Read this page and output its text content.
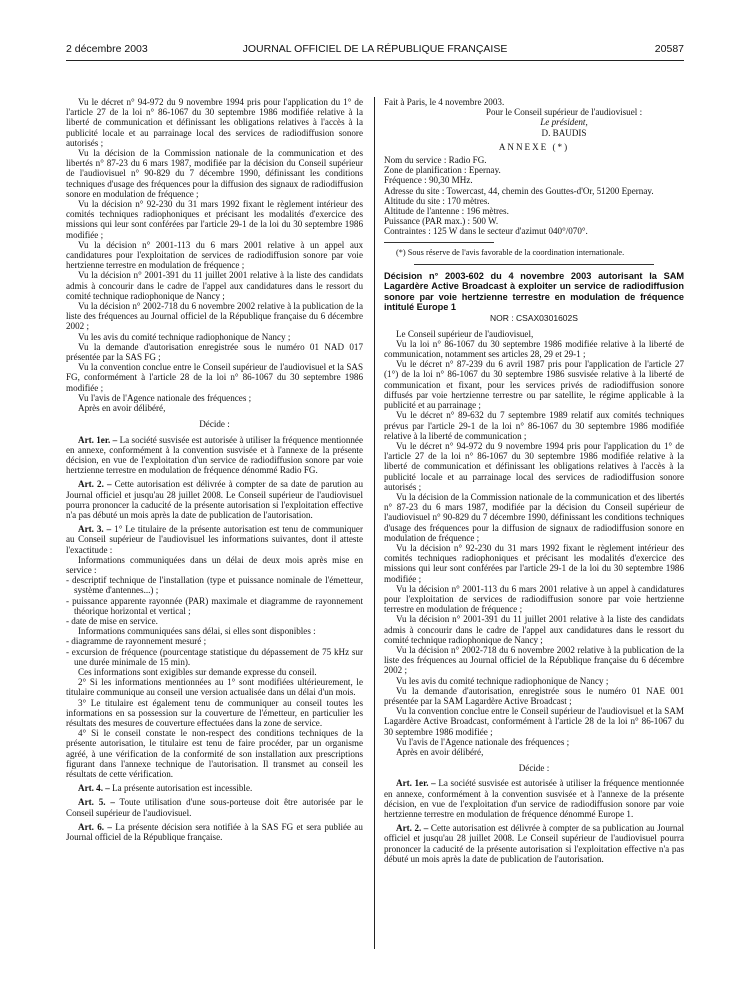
2 décembre 2003	JOURNAL OFFICIEL DE LA RÉPUBLIQUE FRANÇAISE	20587

Vu le décret n° 94-972 du 9 novembre 1994 pris pour l'application du 1° de l'article 27 de la loi n° 86-1067 du 30 septembre 1986 modifiée relative à la liberté de communication et définissant les obligations relatives à l'accès à la publicité locale et au parrainage local des services de radiodiffusion sonore autorisés ;

Vu la décision de la Commission nationale de la communication et des libertés n° 87-23 du 6 mars 1987, modifiée par la décision du Conseil supérieur de l'audiovisuel n° 90-829 du 7 décembre 1990, définissant les conditions techniques d'usage des fréquences pour la diffusion des signaux de radiodiffusion sonore en modulation de fréquence ;

Vu la décision n° 92-230 du 31 mars 1992 fixant le règlement intérieur des comités techniques radiophoniques et précisant les modalités d'exercice des missions qui leur sont conférées par l'article 29-1 de la loi du 30 septembre 1986 modifiée ;

Vu la décision n° 2001-113 du 6 mars 2001 relative à un appel aux candidatures pour l'exploitation de services de radiodiffusion sonore par voie hertzienne terrestre en modulation de fréquence ;

Vu la décision n° 2001-391 du 11 juillet 2001 relative à la liste des candidats admis à concourir dans le cadre de l'appel aux candidatures dans le ressort du comité technique radiophonique de Nancy ;

Vu la décision n° 2002-718 du 6 novembre 2002 relative à la publication de la liste des fréquences au Journal officiel de la République française du 6 décembre 2002 ;

Vu les avis du comité technique radiophonique de Nancy ;

Vu la demande d'autorisation enregistrée sous le numéro 01 NAD 017 présentée par la SAS FG ;

Vu la convention conclue entre le Conseil supérieur de l'audiovisuel et la SAS FG, conformément à l'article 28 de la loi n° 86-1067 du 30 septembre 1986 modifiée ;

Vu l'avis de l'Agence nationale des fréquences ;

Après en avoir délibéré,

Décide :

Art. 1er. – La société susvisée est autorisée à utiliser la fréquence mentionnée en annexe, conformément à la convention susvisée et à l'annexe de la présente décision, en vue de l'exploitation d'un service de radiodiffusion sonore par voie hertzienne terrestre en modulation de fréquence dénommé Radio FG.

Art. 2. – Cette autorisation est délivrée à compter de sa date de parution au Journal officiel et jusqu'au 28 juillet 2008. Le Conseil supérieur de l'audiovisuel pourra prononcer la caducité de la présente autorisation si l'exploitation effective n'a pas débuté un mois après la date de publication de l'autorisation.

Art. 3. – 1° Le titulaire de la présente autorisation est tenu de communiquer au Conseil supérieur de l'audiovisuel les informations suivantes, dont il atteste l'exactitude :

Informations communiquées dans un délai de deux mois après mise en service :

- descriptif technique de l'installation (type et puissance nominale de l'émetteur, système d'antennes...) ;

- puissance apparente rayonnée (PAR) maximale et diagramme de rayonnement théorique horizontal et vertical ;

- date de mise en service.

Informations communiquées sans délai, si elles sont disponibles :

- diagramme de rayonnement mesuré ;

- excursion de fréquence (pourcentage statistique du dépassement de 75 kHz sur une durée minimale de 15 min).

Ces informations sont exigibles sur demande expresse du conseil.

2° Si les informations mentionnées au 1° sont modifiées ultérieurement, le titulaire communique au conseil une version actualisée dans un délai d'un mois.

3° Le titulaire est également tenu de communiquer au conseil toutes les informations en sa possession sur la couverture de l'émetteur, en particulier les résultats des mesures de couverture effectuées dans la zone de service.

4° Si le conseil constate le non-respect des conditions techniques de la présente autorisation, le titulaire est tenu de faire procéder, par un organisme agréé, à une vérification de la conformité de son installation aux prescriptions figurant dans l'annexe technique de l'autorisation. Il transmet au conseil les résultats de cette vérification.

Art. 4. – La présente autorisation est incessible.

Art. 5. – Toute utilisation d'une sous-porteuse doit être autorisée par le Conseil supérieur de l'audiovisuel.

Art. 6. – La présente décision sera notifiée à la SAS FG et sera publiée au Journal officiel de la République française.

Fait à Paris, le 4 novembre 2003.

Pour le Conseil supérieur de l'audiovisuel :

Le président,

D. BAUDIS

ANNEXE (*)

Nom du service : Radio FG.

Zone de planification : Epernay.

Fréquence : 90,30 MHz.

Adresse du site : Towercast, 44, chemin des Gouttes-d'Or, 51200 Epernay.

Altitude du site : 170 mètres.

Altitude de l'antenne : 196 mètres.

Puissance (PAR max.) : 500 W.

Contraintes : 125 W dans le secteur d'azimut 040°/070°.

(*) Sous réserve de l'avis favorable de la coordination internationale.

Décision n° 2003-602 du 4 novembre 2003 autorisant la SAM Lagardère Active Broadcast à exploiter un service de radiodiffusion sonore par voie hertzienne terrestre en modulation de fréquence intitulé Europe 1

NOR : CSAX0301602S

Le Conseil supérieur de l'audiovisuel,

Vu la loi n° 86-1067 du 30 septembre 1986 modifiée relative à la liberté de communication, notamment ses articles 28, 29 et 29-1 ;

Vu le décret n° 87-239 du 6 avril 1987 pris pour l'application de l'article 27 (1°) de la loi n° 86-1067 du 30 septembre 1986 susvisée relative à la liberté de communication et fixant, pour les services privés de radiodiffusion sonore diffusés par voie hertzienne terrestre ou par satellite, le régime applicable à la publicité et au parrainage ;

Vu le décret n° 89-632 du 7 septembre 1989 relatif aux comités techniques prévus par l'article 29-1 de la loi n° 86-1067 du 30 septembre 1986 modifiée relative à la liberté de communication ;

Vu le décret n° 94-972 du 9 novembre 1994 pris pour l'application du 1° de l'article 27 de la loi n° 86-1067 du 30 septembre 1986 modifiée relative à la liberté de communication et définissant les obligations relatives à l'accès à la publicité locale et au parrainage local des services de radiodiffusion sonore autorisés ;

Vu la décision de la Commission nationale de la communication et des libertés n° 87-23 du 6 mars 1987, modifiée par la décision du Conseil supérieur de l'audiovisuel n° 90-829 du 7 décembre 1990, définissant les conditions techniques d'usage des fréquences pour la diffusion de signaux de radiodiffusion sonore en modulation de fréquence ;

Vu la décision n° 92-230 du 31 mars 1992 fixant le règlement intérieur des comités techniques radiophoniques et précisant les modalités d'exercice des missions qui leur sont conférées par l'article 29-1 de la loi du 30 septembre 1986 modifiée ;

Vu la décision n° 2001-113 du 6 mars 2001 relative à un appel à candidatures pour l'exploitation de services de radiodiffusion sonore par voie hertzienne terrestre en modulation de fréquence ;

Vu la décision n° 2001-391 du 11 juillet 2001 relative à la liste des candidats admis à concourir dans le cadre de l'appel aux candidatures dans le ressort du comité technique radiophonique de Nancy ;

Vu la décision n° 2002-718 du 6 novembre 2002 relative à la publication de la liste des fréquences au Journal officiel de la République française du 6 décembre 2002 ;

Vu les avis du comité technique radiophonique de Nancy ;

Vu la demande d'autorisation, enregistrée sous le numéro 01 NAE 001 présentée par la SAM Lagardère Active Broadcast ;

Vu la convention conclue entre le Conseil supérieur de l'audiovisuel et la SAM Lagardère Active Broadcast, conformément à l'article 28 de la loi n° 86-1067 du 30 septembre 1986 modifiée ;

Vu l'avis de l'Agence nationale des fréquences ;

Après en avoir délibéré,

Décide :

Art. 1er. – La société susvisée est autorisée à utiliser la fréquence mentionnée en annexe, conformément à la convention susvisée et à l'annexe de la présente décision, en vue de l'exploitation d'un service de radiodiffusion sonore par voie hertzienne terrestre en modulation de fréquence dénommé Europe 1.

Art. 2. – Cette autorisation est délivrée à compter de sa publication au Journal officiel et jusqu'au 28 juillet 2008. Le Conseil supérieur de l'audiovisuel pourra prononcer la caducité de la présente autorisation si l'exploitation effective n'a pas débuté un mois après la date de publication de l'autorisation.
